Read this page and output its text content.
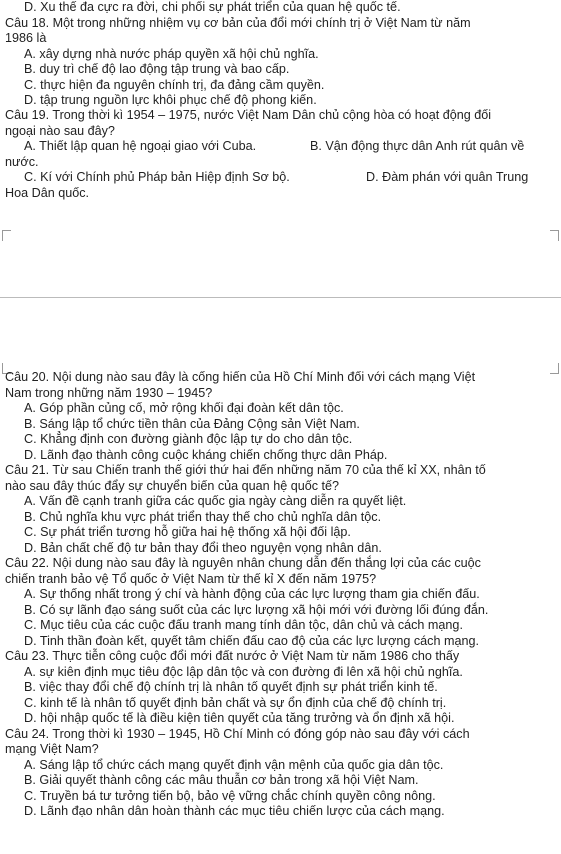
D. Xu thế đa cực ra đời, chi phối sự phát triển của quan hệ quốc tế.
Câu 18. Một trong những nhiệm vụ cơ bản của đổi mới chính trị ở Việt Nam từ năm
1986 là
A. xây dựng nhà nước pháp quyền xã hội chủ nghĩa.
B. duy trì chế độ lao động tập trung và bao cấp.
C. thực hiện đa nguyên chính trị, đa đảng cầm quyền.
D. tập trung nguồn lực khôi phục chế độ phong kiến.
Câu 19. Trong thời kì 1954 – 1975, nước Việt Nam Dân chủ cộng hòa có hoạt động đối
ngoại nào sau đây?
A. Thiết lập quan hệ ngoại giao với Cuba.	B. Vận động thực dân Anh rút quân về
nước.
C. Kí với Chính phủ Pháp bản Hiệp định Sơ bộ.	D. Đàm phán với quân Trung
Hoa Dân quốc.
Câu 20. Nội dung nào sau đây là cống hiến của Hồ Chí Minh đối với cách mạng Việt
Nam trong những năm 1930 – 1945?
A. Góp phần củng cố, mở rộng khối đại đoàn kết dân tộc.
B. Sáng lập tổ chức tiền thân của Đảng Cộng sản Việt Nam.
C. Khẳng định con đường giành độc lập tự do cho dân tộc.
D. Lãnh đạo thành công cuộc kháng chiến chống thực dân Pháp.
Câu 21. Từ sau Chiến tranh thế giới thứ hai đến những năm 70 của thế kỉ XX, nhân tố
nào sau đây thúc đẩy sự chuyển biến của quan hệ quốc tế?
A. Vấn đề cạnh tranh giữa các quốc gia ngày càng diễn ra quyết liệt.
B. Chủ nghĩa khu vực phát triển thay thế cho chủ nghĩa dân tộc.
C. Sự phát triển tương hỗ giữa hai hệ thống xã hội đối lập.
D. Bản chất chế độ tư bản thay đổi theo nguyện vọng nhân dân.
Câu 22. Nội dung nào sau đây là nguyên nhân chung dẫn đến thắng lợi của các cuộc
chiến tranh bảo vệ Tổ quốc ở Việt Nam từ thế kỉ X đến năm 1975?
A. Sự thống nhất trong ý chí và hành động của các lực lượng tham gia chiến đấu.
B. Có sự lãnh đạo sáng suốt của các lực lượng xã hội mới với đường lối đúng đắn.
C. Mục tiêu của các cuộc đấu tranh mang tính dân tộc, dân chủ và cách mạng.
D. Tinh thần đoàn kết, quyết tâm chiến đấu cao độ của các lực lượng cách mạng.
Câu 23. Thực tiễn công cuộc đổi mới đất nước ở Việt Nam từ năm 1986 cho thấy
A. sự kiên định mục tiêu độc lập dân tộc và con đường đi lên xã hội chủ nghĩa.
B. việc thay đổi chế độ chính trị là nhân tố quyết định sự phát triển kinh tế.
C. kinh tế là nhân tố quyết định bản chất và sự ổn định của chế độ chính trị.
D. hội nhập quốc tế là điều kiện tiên quyết của tăng trưởng và ổn định xã hội.
Câu 24. Trong thời kì 1930 – 1945, Hồ Chí Minh có đóng góp nào sau đây với cách
mạng Việt Nam?
A. Sáng lập tổ chức cách mạng quyết định vận mệnh của quốc gia dân tộc.
B. Giải quyết thành công các mâu thuẫn cơ bản trong xã hội Việt Nam.
C. Truyền bá tư tưởng tiến bộ, bảo vệ vững chắc chính quyền công nông.
D. Lãnh đạo nhân dân hoàn thành các mục tiêu chiến lược của cách mạng.
